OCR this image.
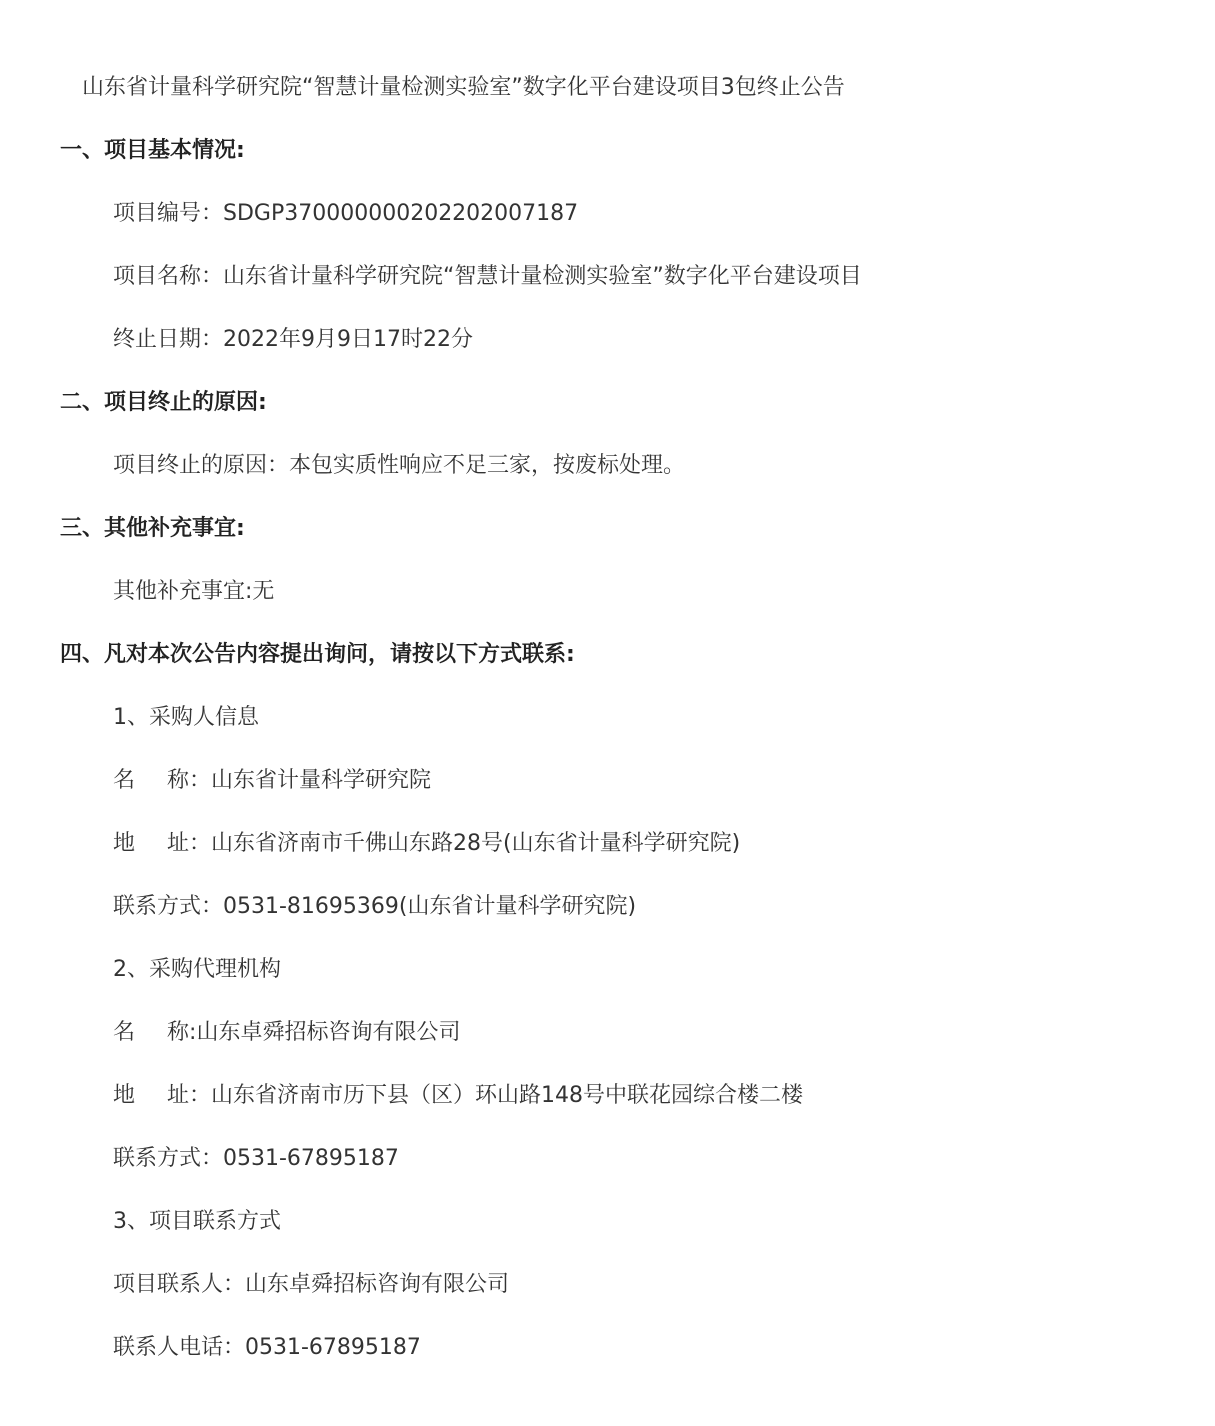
山东省计量科学研究院“智慧计量检测实验室”数字化平台建设项目3包终止公告
一、项目基本情况:
项目编号：SDGP370000000202202007187
项目名称：山东省计量科学研究院“智慧计量检测实验室”数字化平台建设项目
终止日期：2022年9月9日17时22分
二、项目终止的原因:
项目终止的原因：本包实质性响应不足三家，按废标处理。
三、其他补充事宜:
其他补充事宜:无
四、凡对本次公告内容提出询问，请按以下方式联系:
1、采购人信息
名 称：山东省计量科学研究院
地 址：山东省济南市千佛山东路28号(山东省计量科学研究院)
联系方式：0531-81695369(山东省计量科学研究院)
2、采购代理机构
名 称:山东卓舜招标咨询有限公司
地 址：山东省济南市历下县（区）环山路148号中联花园综合楼二楼
联系方式：0531-67895187
3、项目联系方式
项目联系人：山东卓舜招标咨询有限公司
联系人电话：0531-67895187
